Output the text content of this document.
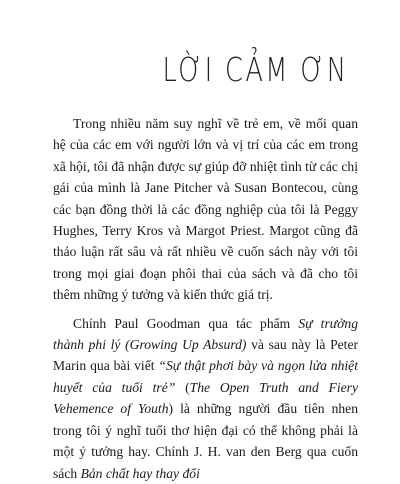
LỜI CẢM ƠN

Trong nhiều năm suy nghĩ về trẻ em, về mối quan hệ của các em với người lớn và vị trí của các em trong xã hội, tôi đã nhận được sự giúp đỡ nhiệt tình từ các chị gái của mình là Jane Pitcher và Susan Bontecou, cùng các bạn đồng thời là các đồng nghiệp của tôi là Peggy Hughes, Terry Kros và Margot Priest. Margot cũng đã thảo luận rất sâu và rất nhiều về cuốn sách này với tôi trong mọi giai đoạn phôi thai của sách và đã cho tôi thêm những ý tưởng và kiến thức giá trị.

Chính Paul Goodman qua tác phẩm Sự trưởng thành phi lý (Growing Up Absurd) và sau này là Peter Marin qua bài viết “Sự thật phơi bày và ngọn lửa nhiệt huyết của tuổi trẻ” (The Open Truth and Fiery Vehemence of Youth) là những người đầu tiên nhen trong tôi ý nghĩ tuổi thơ hiện đại có thể không phải là một ý tưởng hay. Chính J. H. van den Berg qua cuốn sách Bản chất hay thay đổi
